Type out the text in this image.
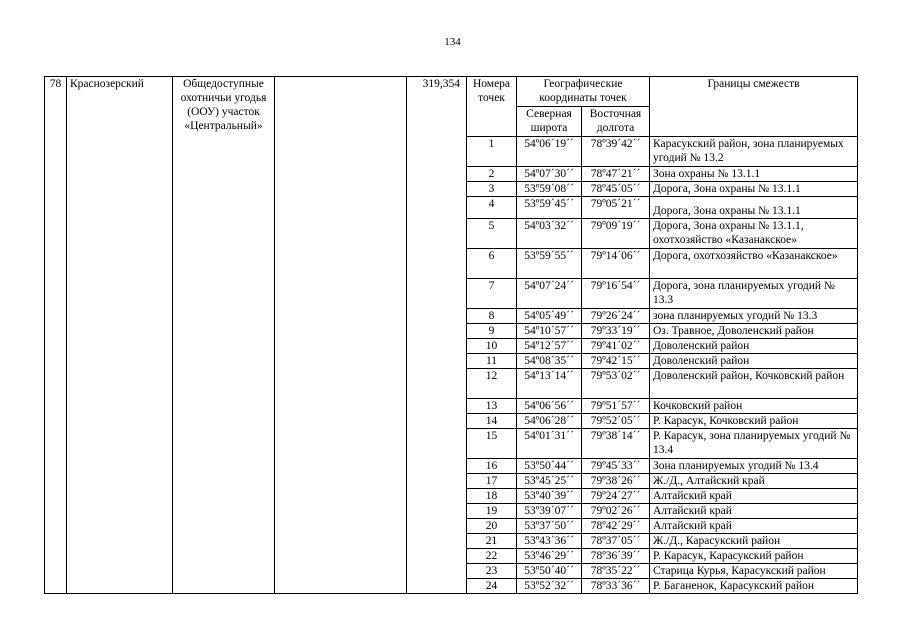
134
78	Краснозерский	Общедоступные охотничьи угодья (ООУ) участок «Центральный»		319,354	Номера точек	Географические координаты точек		Границы смежеств
						Северная широта	Восточная долгота	
					1	54º06´19´´	78º39´42´´	Карасукский район, зона планируемых угодий № 13.2
					2	54º07´30´´	78º47´21´´	Зона охраны № 13.1.1
					3	53º59´08´´	78º45´05´´	Дорога, Зона охраны № 13.1.1
					4	53º59´45´´	79º05´21´´	Дорога, Зона охраны № 13.1.1
					5	54º03´32´´	79º09´19´´	Дорога, Зона охраны № 13.1.1, охотхозяйство «Казанакское»
					6	53º59´55´´	79º14´06´´	Дорога, охотхозяйство «Казанакское»
					7	54º07´24´´	79º16´54´´	Дорога, зона планируемых угодий № 13.3
					8	54º05´49´´	79º26´24´´	зона планируемых угодий № 13.3
					9	54º10´57´´	79º33´19´´	Оз. Травное, Доволенский район
					10	54º12´57´´	79º41´02´´	Доволенский район
					11	54º08´35´´	79º42´15´´	Доволенский район
					12	54º13´14´´	79º53´02´´	Доволенский район, Кочковский район
					13	54º06´56´´	79º51´57´´	Кочковский район
					14	54º06´28´´	79º52´05´´	Р. Карасук, Кочковский район
					15	54º01´31´´	79º38´14´´	Р. Карасук, зона планируемых угодий № 13.4
					16	53º50´44´´	79º45´33´´	Зона планируемых угодий № 13.4
					17	53º45´25´´	79º38´26´´	Ж./Д., Алтайский край
					18	53º40´39´´	79º24´27´´	Алтайский край
					19	53º39´07´´	79º02´26´´	Алтайский край
					20	53º37´50´´	78º42´29´´	Алтайский край
					21	53º43´36´´	78º37´05´´	Ж./Д., Карасукский район
					22	53º46´29´´	78º36´39´´	Р. Карасук, Карасукский район
					23	53º50´40´´	78º35´22´´	Старица Курья, Карасукский район
					24	53º52´32´´	78º33´36´´	Р. Баганенок, Карасукский район
